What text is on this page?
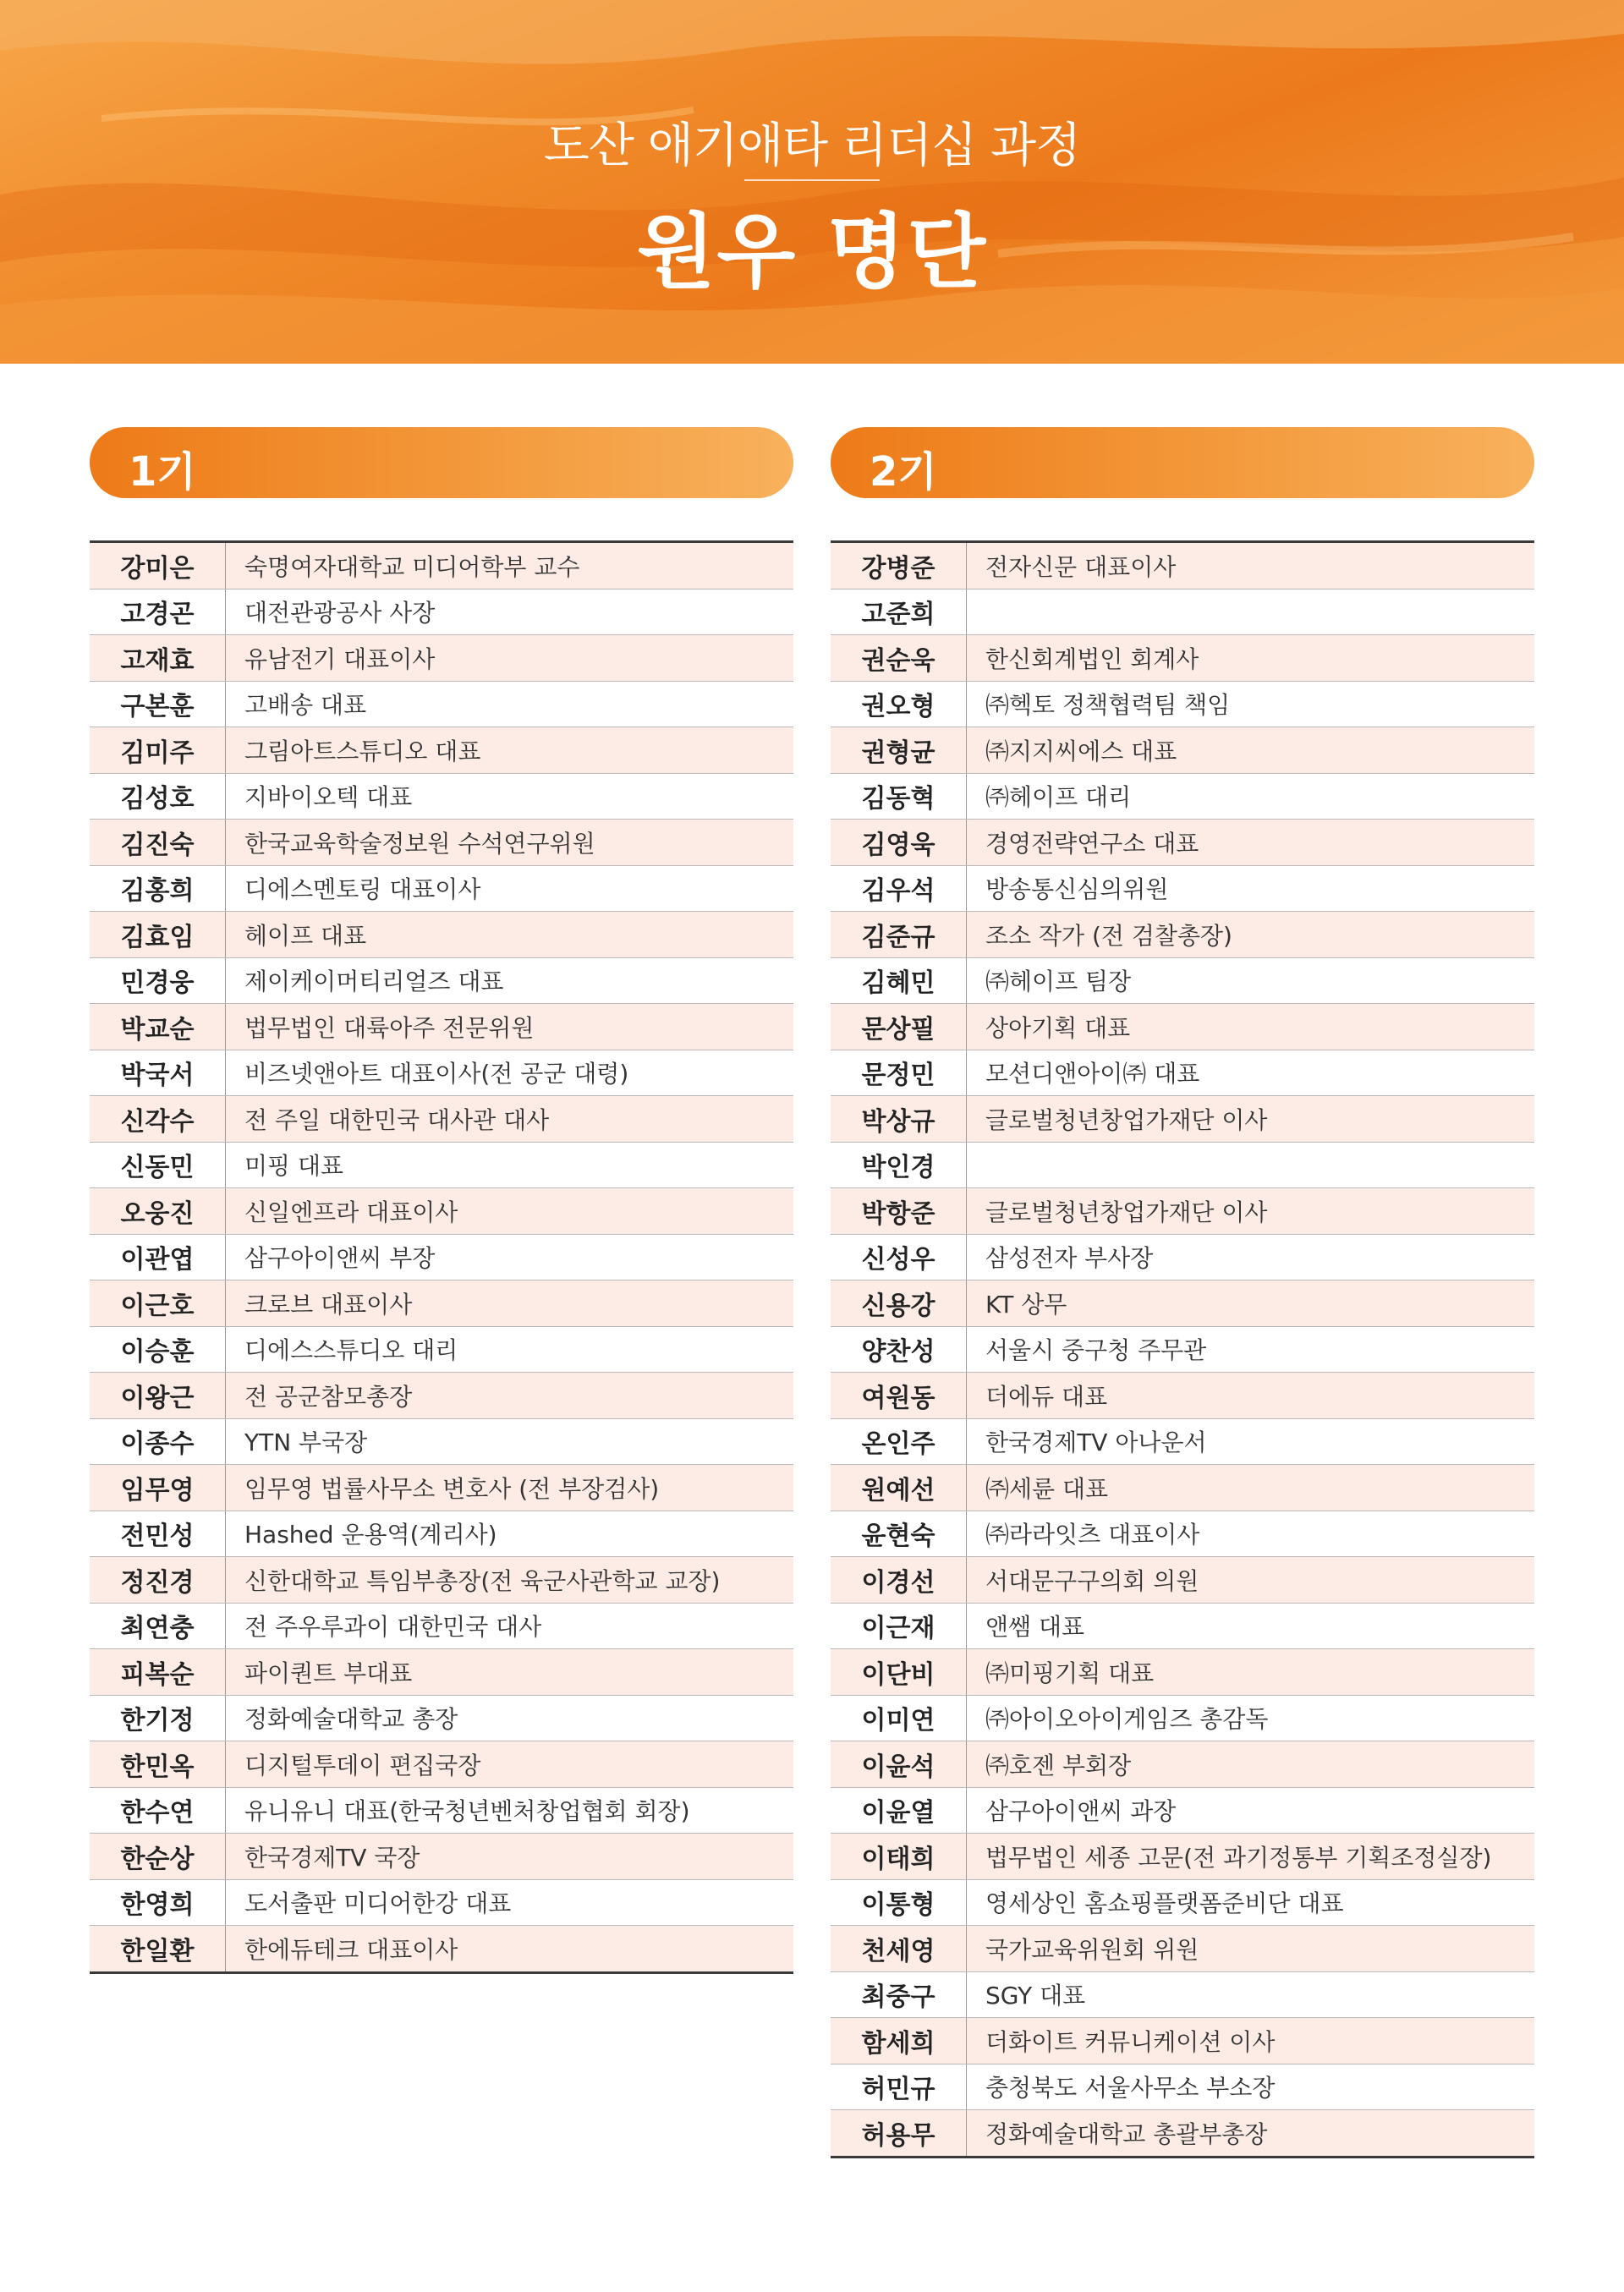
도산 애기애타 리더십 과정
원우 명단
1기
강미은	숙명여자대학교 미디어학부 교수
고경곤	대전관광공사 사장
고재효	유남전기 대표이사
구본훈	고배송 대표
김미주	그림아트스튜디오 대표
김성호	지바이오텍 대표
김진숙	한국교육학술정보원 수석연구위원
김홍희	디에스멘토링 대표이사
김효임	헤이프 대표
민경웅	제이케이머티리얼즈 대표
박교순	법무법인 대륙아주 전문위원
박국서	비즈넷앤아트 대표이사(전 공군 대령)
신각수	전 주일 대한민국 대사관 대사
신동민	미핑 대표
오웅진	신일엔프라 대표이사
이관엽	삼구아이앤씨 부장
이근호	크로브 대표이사
이승훈	디에스스튜디오 대리
이왕근	전 공군참모총장
이종수	YTN 부국장
임무영	임무영 법률사무소 변호사 (전 부장검사)
전민성	Hashed 운용역(계리사)
정진경	신한대학교 특임부총장(전 육군사관학교 교장)
최연충	전 주우루과이 대한민국 대사
피복순	파이퀀트 부대표
한기정	정화예술대학교 총장
한민옥	디지털투데이 편집국장
한수연	유니유니 대표(한국청년벤처창업협회 회장)
한순상	한국경제TV 국장
한영희	도서출판 미디어한강 대표
한일환	한에듀테크 대표이사
2기
강병준	전자신문 대표이사
고준희	
권순욱	한신회계법인 회계사
권오형	㈜헥토 정책협력팀 책임
권형균	㈜지지씨에스 대표
김동혁	㈜헤이프 대리
김영욱	경영전략연구소 대표
김우석	방송통신심의위원
김준규	조소 작가 (전 검찰총장)
김혜민	㈜헤이프 팀장
문상필	상아기획 대표
문정민	모션디앤아이㈜ 대표
박상규	글로벌청년창업가재단 이사
박인경	
박항준	글로벌청년창업가재단 이사
신성우	삼성전자 부사장
신용강	KT 상무
양찬성	서울시 중구청 주무관
여원동	더에듀 대표
온인주	한국경제TV 아나운서
원예선	㈜세륜 대표
윤현숙	㈜라라잇츠 대표이사
이경선	서대문구구의회 의원
이근재	앤쌤 대표
이단비	㈜미핑기획 대표
이미연	㈜아이오아이게임즈 총감독
이윤석	㈜호젠 부회장
이윤열	삼구아이앤씨 과장
이태희	법무법인 세종 고문(전 과기정통부 기획조정실장)
이통형	영세상인 홈쇼핑플랫폼준비단 대표
천세영	국가교육위원회 위원
최중구	SGY 대표
함세희	더화이트 커뮤니케이션 이사
허민규	충청북도 서울사무소 부소장
허용무	정화예술대학교 총괄부총장
